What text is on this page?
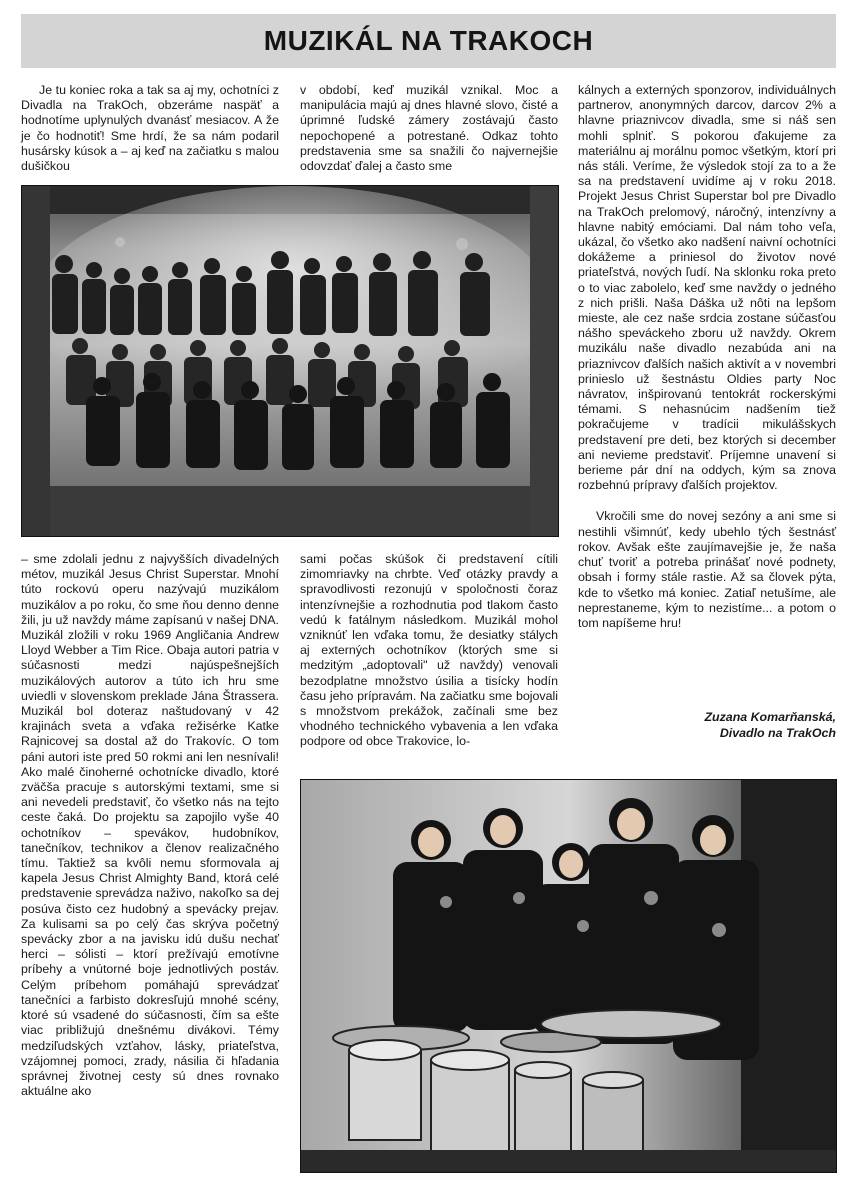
MUZIKÁL NA TRAKOCH

Je tu koniec roka a tak sa aj my, ochotníci z Divadla na TrakOch, obzeráme naspäť a hodnotíme uplynulých dvanásť mesiacov. A že je čo hodnotiť! Sme hrdí, že sa nám podaril husársky kúsok a – aj keď na začiatku s malou dušičkou

v období, keď muzikál vznikal. Moc a manipulácia majú aj dnes hlavné slovo, čisté a úprimné ľudské zámery zostávajú často nepochopené a potrestané. Odkaz tohto predstavenia sme sa snažili čo najvernejšie odovzdať ďalej a často sme

kálnych a externých sponzorov, individuálnych partnerov, anonymných darcov, darcov 2% a hlavne priaznivcov divadla, sme si náš sen mohli splniť. S pokorou ďakujeme za materiálnu aj morálnu pomoc všetkým, ktorí pri nás stáli. Veríme, že výsledok stojí za to a že sa na predstavení uvidíme aj v roku 2018. Projekt Jesus Christ Superstar bol pre Divadlo na TrakOch prelomový, náročný, intenzívny a hlavne nabitý emóciami. Dal nám toho veľa, ukázal, čo všetko ako nadšení naivní ochotníci dokážeme a priniesol do životov nové priateľstvá, nových ľudí. Na sklonku roka preto o to viac zabolelo, keď sme navždy o jedného z nich prišli. Naša Dáška už nôti na lepšom mieste, ale cez naše srdcia zostane súčasťou nášho speváckeho zboru už navždy. Okrem muzikálu naše divadlo nezabúda ani na priaznivcov ďalších našich aktivít a v novembri prinieslo už šestnástu Oldies party Noc návratov, inšpirovanú tentokrát rockerskými témami. S nehasnúcim nadšením tiež pokračujeme v tradícii mikulášskych predstavení pre deti, bez ktorých si december ani nevieme predstaviť. Príjemne unavení si berieme pár dní na oddych, kým sa znova rozbehnú prípravy ďalších projektov.

Vkročili sme do novej sezóny a ani sme si nestihli všimnúť, kedy ubehlo tých šestnásť rokov. Avšak ešte zaujímavejšie je, že naša chuť tvoriť a potreba prinášať nové podnety, obsah i formy stále rastie. Až sa človek pýta, kde to všetko má koniec. Zatiaľ netušíme, ale neprestaneme, kým to nezistíme... a potom o tom napíšeme hru!

Zuzana Komarňanská,
Divadlo na TrakOch

– sme zdolali jednu z najvyšších divadelných métov, muzikál Jesus Christ Superstar. Mnohí túto rockovú operu nazývajú muzikálom muzikálov a po roku, čo sme ňou denno denne žili, ju už navždy máme zapísanú v našej DNA. Muzikál zložili v roku 1969 Angličania Andrew Lloyd Webber a Tim Rice. Obaja autori patria v súčasnosti medzi najúspešnejších muzikálových autorov a túto ich hru sme uviedli v slovenskom preklade Jána Štrassera. Muzikál bol doteraz naštudovaný v 42 krajinách sveta a vďaka režisérke Katke Rajnicovej sa dostal až do Trakovíc. O tom páni autori iste pred 50 rokmi ani len nesnívali! Ako malé činoherné ochotnícke divadlo, ktoré zväčša pracuje s autorskými textami, sme si ani nevedeli predstaviť, čo všetko nás na tejto ceste čaká. Do projektu sa zapojilo vyše 40 ochotníkov – spevákov, hudobníkov, tanečníkov, technikov a členov realizačného tímu. Taktiež sa kvôli nemu sformovala aj kapela Jesus Christ Almighty Band, ktorá celé predstavenie sprevádza naživo, nakoľko sa dej posúva čisto cez hudobný a spevácky prejav. Za kulisami sa po celý čas skrýva početný spevácky zbor a na javisku idú dušu nechať herci – sólisti – ktorí prežívajú emotívne príbehy a vnútorné boje jednotlivých postáv. Celým príbehom pomáhajú sprevádzať tanečníci a farbisto dokresľujú mnohé scény, ktoré sú vsadené do súčasnosti, čím sa ešte viac približujú dnešnému divákovi. Témy medziľudských vzťahov, lásky, priateľstva, vzájomnej pomoci, zrady, násilia či hľadania správnej životnej cesty sú dnes rovnako aktuálne ako

sami počas skúšok či predstavení cítili zimomriavky na chrbte. Veď otázky pravdy a spravodlivosti rezonujú v spoločnosti čoraz intenzívnejšie a rozhodnutia pod tlakom často vedú k fatálnym následkom. Muzikál mohol vzniknúť len vďaka tomu, že desiatky stálych aj externých ochotníkov (ktorých sme si medzitým „adoptovali" už navždy) venovali bezodplatne množstvo úsilia a tisícky hodín času jeho prípravám. Na začiatku sme bojovali s množstvom prekážok, začínali sme bez vhodného technického vybavenia a len vďaka podpore od obce Trakovice, lo-
